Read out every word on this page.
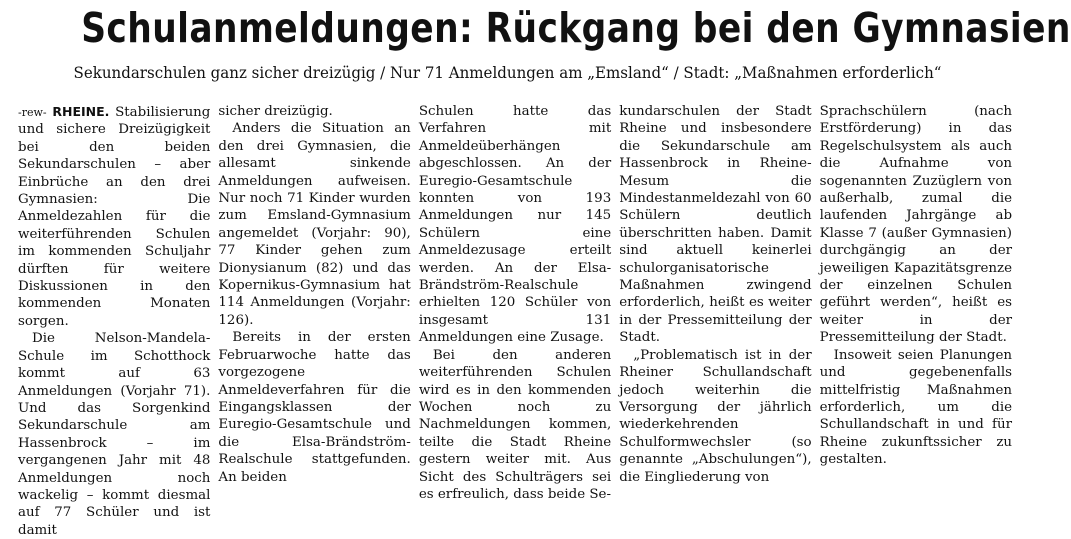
Schulanmeldungen: Rückgang bei den Gymnasien
Sekundarschulen ganz sicher dreizügig / Nur 71 Anmeldungen am „Emsland“ / Stadt: „Maßnahmen erforderlich“

-rew- RHEINE. Stabilisierung und sichere Dreizügigkeit bei den beiden Sekundarschulen – aber Einbrüche an den drei Gymnasien: Die Anmeldezahlen für die weiterführenden Schulen im kommenden Schuljahr dürften für weitere Diskussionen in den kommenden Monaten sorgen.

Die Nelson-Mandela-Schule im Schotthock kommt auf 63 Anmeldungen (Vorjahr 71). Und das Sorgenkind Sekundarschule am Hassenbrock – im vergangenen Jahr mit 48 Anmeldungen noch wackelig – kommt diesmal auf 77 Schüler und ist damit

sicher dreizügig.

Anders die Situation an den drei Gymnasien, die allesamt sinkende Anmeldungen aufweisen. Nur noch 71 Kinder wurden zum Emsland-Gymnasium angemeldet (Vorjahr: 90), 77 Kinder gehen zum Dionysianum (82) und das Kopernikus-Gymnasium hat 114 Anmeldungen (Vorjahr: 126).

Bereits in der ersten Februarwoche hatte das vorgezogene Anmeldeverfahren für die Eingangsklassen der Euregio-Gesamtschule und die Elsa-Brändström-Realschule stattgefunden. An beiden

Schulen hatte das Verfahren mit Anmeldeüberhängen abgeschlossen. An der Euregio-Gesamtschule konnten von 193 Anmeldungen nur 145 Schülern eine Anmeldezusage erteilt werden. An der Elsa-Brändström-Realschule erhielten 120 Schüler von insgesamt 131 Anmeldungen eine Zusage.

Bei den anderen weiterführenden Schulen wird es in den kommenden Wochen noch zu Nachmeldungen kommen, teilte die Stadt Rheine gestern weiter mit. Aus Sicht des Schulträgers sei es erfreulich, dass beide Se-

kundarschulen der Stadt Rheine und insbesondere die Sekundarschule am Hassenbrock in Rheine-Mesum die Mindestanmeldezahl von 60 Schülern deutlich überschritten haben. Damit sind aktuell keinerlei schulorganisatorische Maßnahmen zwingend erforderlich, heißt es weiter in der Pressemitteilung der Stadt.

„Problematisch ist in der Rheiner Schullandschaft jedoch weiterhin die Versorgung der jährlich wiederkehrenden Schulformwechsler (so genannte „Abschulungen“), die Eingliederung von

Sprachschülern (nach Erstförderung) in das Regelschulsystem als auch die Aufnahme von sogenannten Zuzüglern von außerhalb, zumal die laufenden Jahrgänge ab Klasse 7 (außer Gymnasien) durchgängig an der jeweiligen Kapazitätsgrenze der einzelnen Schulen geführt werden“, heißt es weiter in der Pressemitteilung der Stadt.

Insoweit seien Planungen und gegebenenfalls mittelfristig Maßnahmen erforderlich, um die Schullandschaft in und für Rheine zukunftssicher zu gestalten.
